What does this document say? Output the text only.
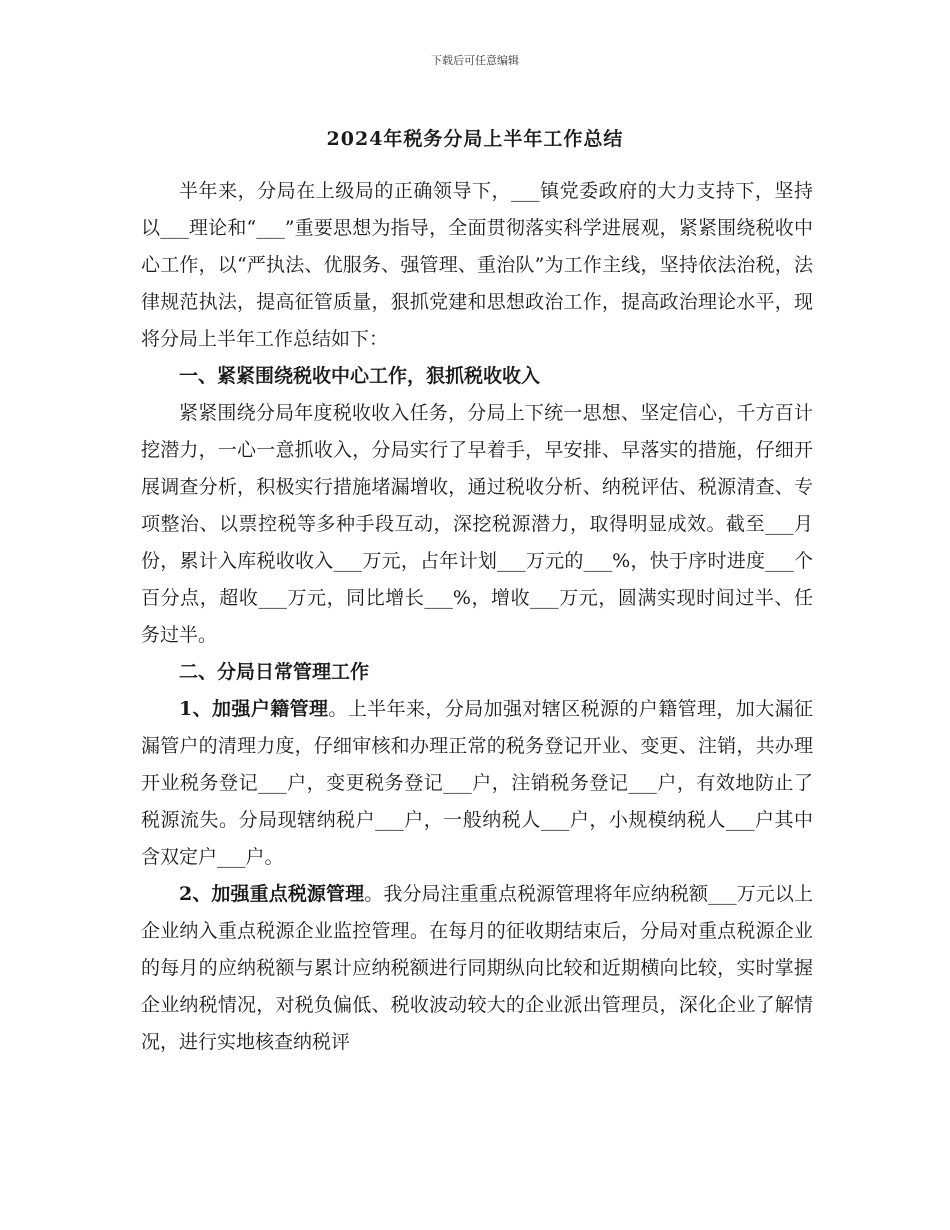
下载后可任意编辑
2024年税务分局上半年工作总结

半年来，分局在上级局的正确领导下，___镇党委政府的大力支持下，坚持以___理论和“___”重要思想为指导，全面贯彻落实科学进展观，紧紧围绕税收中心工作，以“严执法、优服务、强管理、重治队”为工作主线，坚持依法治税，法律规范执法，提高征管质量，狠抓党建和思想政治工作，提高政治理论水平，现将分局上半年工作总结如下：

一、紧紧围绕税收中心工作，狠抓税收收入

紧紧围绕分局年度税收收入任务，分局上下统一思想、坚定信心，千方百计挖潜力，一心一意抓收入，分局实行了早着手，早安排、早落实的措施，仔细开展调查分析，积极实行措施堵漏增收，通过税收分析、纳税评估、税源清查、专项整治、以票控税等多种手段互动，深挖税源潜力，取得明显成效。截至___月份，累计入库税收收入___万元，占年计划___万元的___%，快于序时进度___个百分点，超收___万元，同比增长___%，增收___万元，圆满实现时间过半、任务过半。

二、分局日常管理工作

1、加强户籍管理。上半年来，分局加强对辖区税源的户籍管理，加大漏征漏管户的清理力度，仔细审核和办理正常的税务登记开业、变更、注销，共办理开业税务登记___户，变更税务登记___户，注销税务登记___户，有效地防止了税源流失。分局现辖纳税户___户，一般纳税人___户，小规模纳税人___户其中含双定户___户。

2、加强重点税源管理。我分局注重重点税源管理将年应纳税额___万元以上企业纳入重点税源企业监控管理。在每月的征收期结束后，分局对重点税源企业的每月的应纳税额与累计应纳税额进行同期纵向比较和近期横向比较，实时掌握企业纳税情况，对税负偏低、税收波动较大的企业派出管理员，深化企业了解情况，进行实地核查纳税评
